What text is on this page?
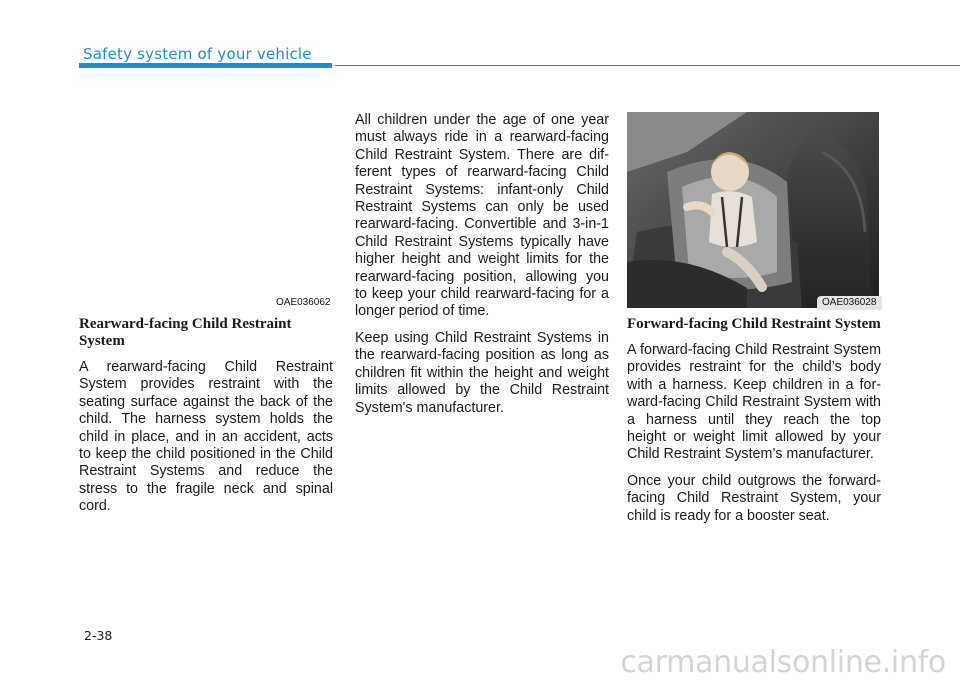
Safety system of your vehicle
OAE036062
Rearward-facing Child Restraint System

A rearward-facing Child Restraint System provides restraint with the seating surface against the back of the child. The harness system holds the child in place, and in an accident, acts to keep the child positioned in the Child Restraint Systems and reduce the stress to the fragile neck and spinal cord.

All children under the age of one year must always ride in a rearward-facing Child Restraint System. There are different types of rearward-facing Child Restraint Systems: infant-only Child Restraint Systems can only be used rearward-facing. Convertible and 3-in-1 Child Restraint Systems typically have higher height and weight limits for the rearward-facing position, allowing you to keep your child rearward-facing for a longer period of time.

Keep using Child Restraint Systems in the rearward-facing position as long as children fit within the height and weight limits allowed by the Child Restraint System's manufacturer.

OAE036028
Forward-facing Child Restraint System

A forward-facing Child Restraint System provides restraint for the child’s body with a harness. Keep children in a forward-facing Child Restraint System with a harness until they reach the top height or weight limit allowed by your Child Restraint System’s manufacturer.

Once your child outgrows the forward-facing Child Restraint System, your child is ready for a booster seat.

2-38
carmanualsonline.info
